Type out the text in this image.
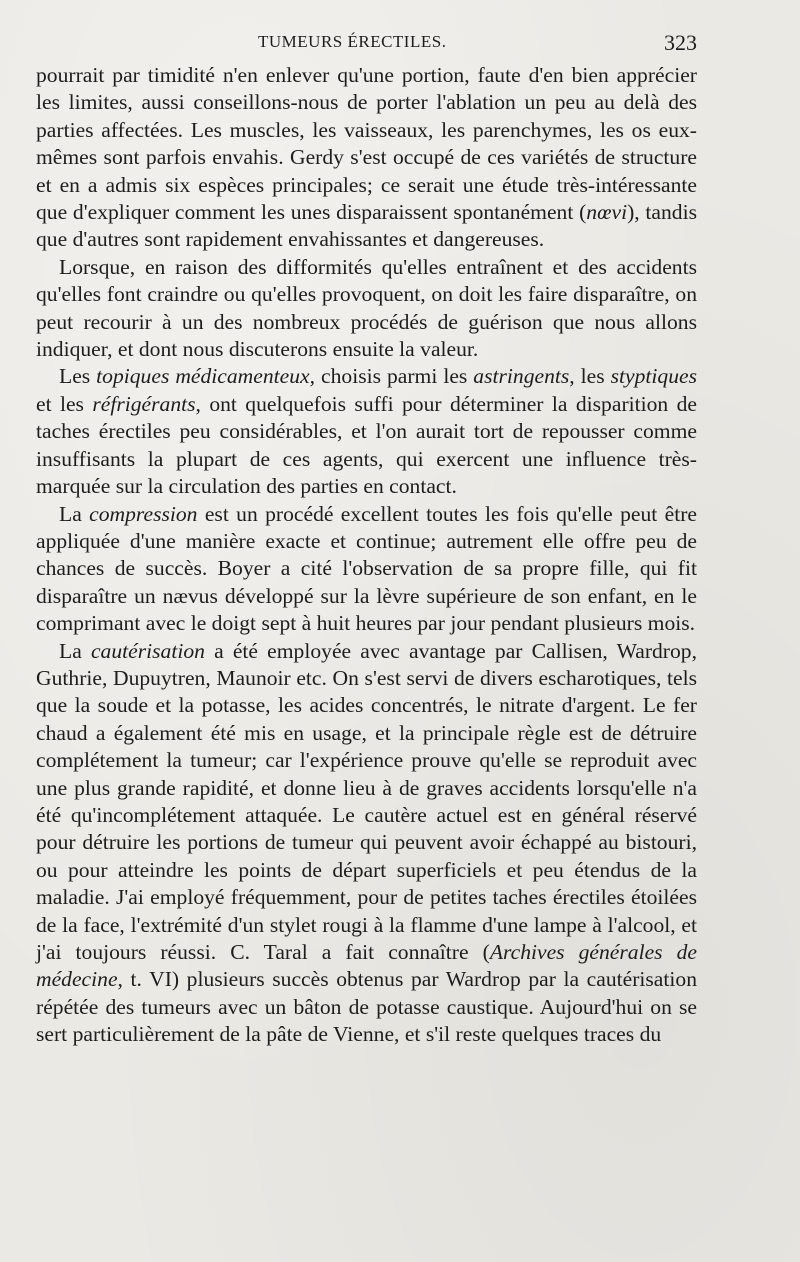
TUMEURS ÉRECTILES.	323

pourrait par timidité n'en enlever qu'une portion, faute d'en bien apprécier les limites, aussi conseillons-nous de porter l'ablation un peu au delà des parties affectées. Les muscles, les vaisseaux, les parenchymes, les os eux-mêmes sont parfois envahis. Gerdy s'est occupé de ces variétés de structure et en a admis six espèces principales; ce serait une étude très-intéressante que d'expliquer comment les unes disparaissent spontanément (nœvi), tandis que d'autres sont rapidement envahissantes et dangereuses.

Lorsque, en raison des difformités qu'elles entraînent et des accidents qu'elles font craindre ou qu'elles provoquent, on doit les faire disparaître, on peut recourir à un des nombreux procédés de guérison que nous allons indiquer, et dont nous discuterons ensuite la valeur.

Les topiques médicamenteux, choisis parmi les astringents, les styptiques et les réfrigérants, ont quelquefois suffi pour déterminer la disparition de taches érectiles peu considérables, et l'on aurait tort de repousser comme insuffisants la plupart de ces agents, qui exercent une influence très-marquée sur la circulation des parties en contact.

La compression est un procédé excellent toutes les fois qu'elle peut être appliquée d'une manière exacte et continue; autrement elle offre peu de chances de succès. Boyer a cité l'observation de sa propre fille, qui fit disparaître un nævus développé sur la lèvre supérieure de son enfant, en le comprimant avec le doigt sept à huit heures par jour pendant plusieurs mois.

La cautérisation a été employée avec avantage par Callisen, Wardrop, Guthrie, Dupuytren, Maunoir etc. On s'est servi de divers escharotiques, tels que la soude et la potasse, les acides concentrés, le nitrate d'argent. Le fer chaud a également été mis en usage, et la principale règle est de détruire complétement la tumeur; car l'expérience prouve qu'elle se reproduit avec une plus grande rapidité, et donne lieu à de graves accidents lorsqu'elle n'a été qu'incomplétement attaquée. Le cautère actuel est en général réservé pour détruire les portions de tumeur qui peuvent avoir échappé au bistouri, ou pour atteindre les points de départ superficiels et peu étendus de la maladie. J'ai employé fréquemment, pour de petites taches érectiles étoilées de la face, l'extrémité d'un stylet rougi à la flamme d'une lampe à l'alcool, et j'ai toujours réussi. C. Taral a fait connaître (Archives générales de médecine, t. VI) plusieurs succès obtenus par Wardrop par la cautérisation répétée des tumeurs avec un bâton de potasse caustique. Aujourd'hui on se sert particulièrement de la pâte de Vienne, et s'il reste quelques traces du
